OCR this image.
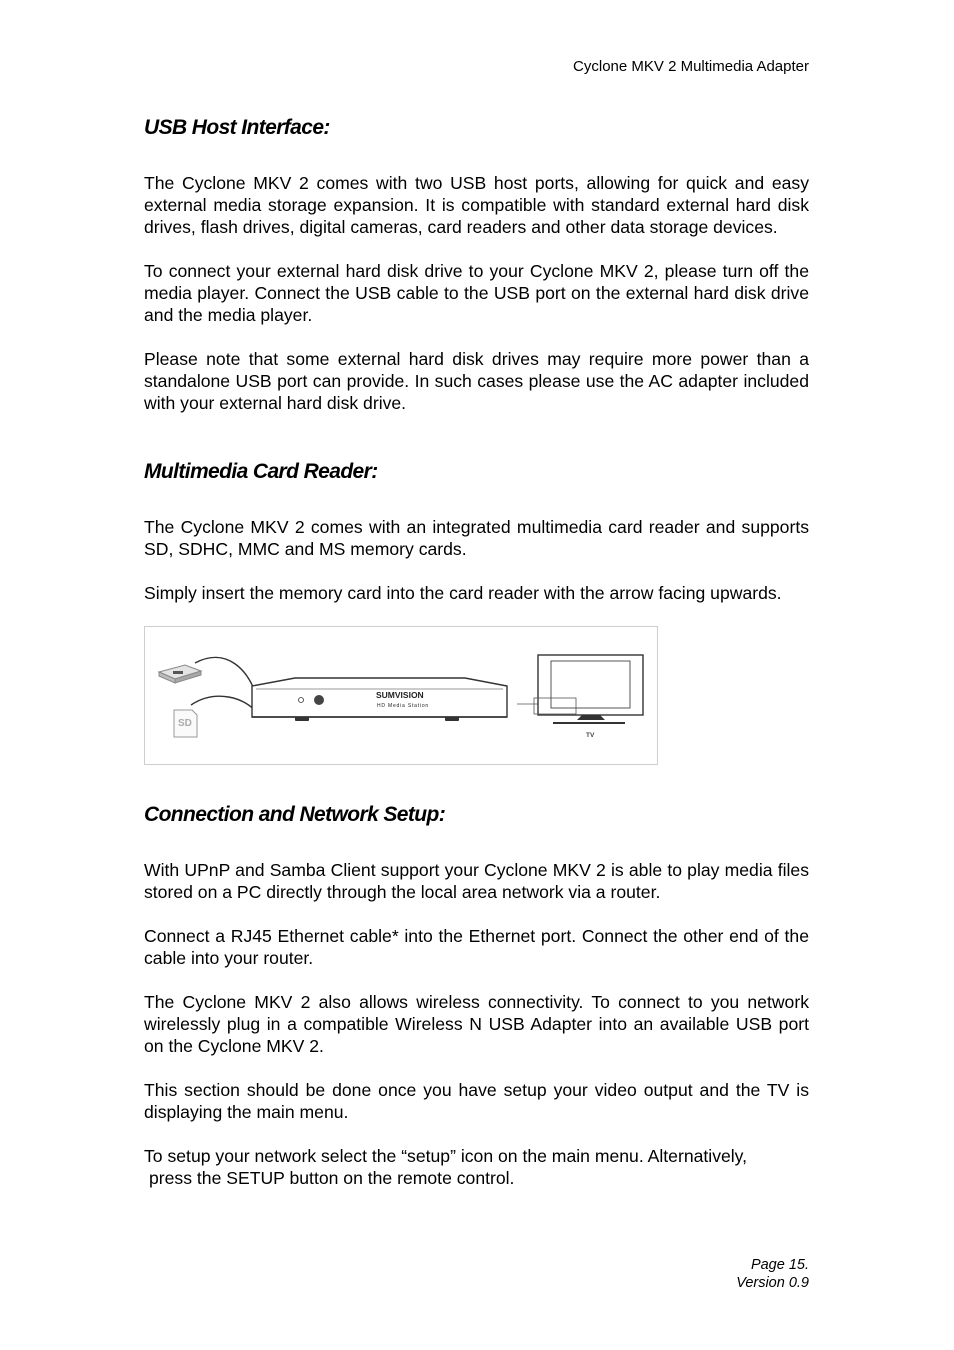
Cyclone MKV 2 Multimedia Adapter
USB Host Interface:

The Cyclone MKV 2 comes with two USB host ports, allowing for quick and easy external media storage expansion. It is compatible with standard external hard disk drives, flash drives, digital cameras, card readers and other data storage devices.

To connect your external hard disk drive to your Cyclone MKV 2, please turn off the media player. Connect the USB cable to the USB port on the external hard disk drive and the media player.

Please note that some external hard disk drives may require more power than a standalone USB port can provide. In such cases please use the AC adapter included with your external hard disk drive.

Multimedia Card Reader:

The Cyclone MKV 2 comes with an integrated multimedia card reader and supports SD, SDHC, MMC and MS memory cards.

Simply insert the memory card into the card reader with the arrow facing upwards.

SD
SUMVISION
HD Media Station
TV
Connection and Network Setup:

With UPnP and Samba Client support your Cyclone MKV 2 is able to play media files stored on a PC directly through the local area network via a router.

Connect a RJ45 Ethernet cable* into the Ethernet port. Connect the other end of the cable into your router.

The Cyclone MKV 2 also allows wireless connectivity. To connect to you network wirelessly plug in a compatible Wireless N USB Adapter into an available USB port on the Cyclone MKV 2.

This section should be done once you have setup your video output and the TV is displaying the main menu.

To setup your network select the “setup” icon on the main menu. Alternatively,

press the SETUP button on the remote control.

Page 15.
Version 0.9
